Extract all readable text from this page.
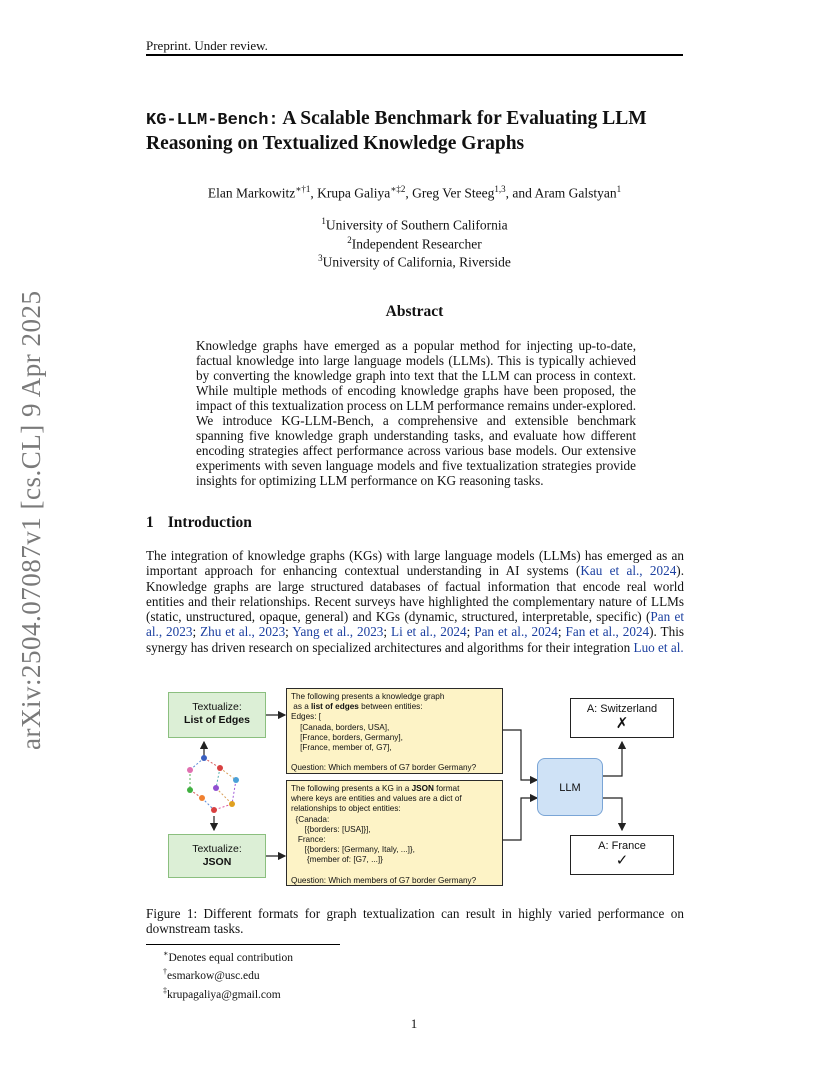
Preprint. Under review.
arXiv:2504.07087v1 [cs.CL] 9 Apr 2025
KG-LLM-Bench: A Scalable Benchmark for Evaluating LLM
Reasoning on Textualized Knowledge Graphs
Elan Markowitz$^{∗\dagger 1}$, Krupa Galiya$^{∗\ddagger 2}$, Greg Ver Steeg$^{1,3}$, and Aram Galstyan$^1$
$^1$University of Southern California
$^2$Independent Researcher
$^3$University of California, Riverside
Abstract
Knowledge graphs have emerged as a popular method for injecting up-to-date, factual knowledge into large language models (LLMs). This is typically achieved by converting the knowledge graph into text that the LLM can process in context. While multiple methods of encoding knowledge graphs have been proposed, the impact of this textualization process on LLM performance remains under-explored. We introduce KG-LLM-Bench, a comprehensive and extensible benchmark spanning five knowledge graph understanding tasks, and evaluate how different encoding strategies affect performance across various base models. Our extensive experiments with seven language models and five textualization strategies provide insights for optimizing LLM performance on KG reasoning tasks.
1 Introduction
The integration of knowledge graphs (KGs) with large language models (LLMs) has emerged as an important approach for enhancing contextual understanding in AI systems (Kau et al., 2024). Knowledge graphs are large structured databases of factual information that encode real world entities and their relationships. Recent surveys have highlighted the complementary nature of LLMs (static, unstructured, opaque, general) and KGs (dynamic, structured, interpretable, specific) (Pan et al., 2023; Zhu et al., 2023; Yang et al., 2023; Li et al., 2024; Pan et al., 2024; Fan et al., 2024). This synergy has driven research on specialized architectures and algorithms for their integration Luo et al.
Textualize:
List of Edges
Textualize:
JSON
The following presents a knowledge graph
as a list of edges between entities:
Edges: [
[Canada, borders, USA],
[France, borders, Germany],
[France, member of, G7],

Question: Which members of G7 border Germany?
The following presents a KG in a JSON format
where keys are entities and values are a dict of
relationships to object entities:
{Canada:
[{borders: [USA]}],
France:
[{borders: [Germany, Italy, ...]},
{member of: [G7, ...]}

Question: Which members of G7 border Germany?
LLM
A: Switzerland
✗
A: France
✓
Figure 1: Different formats for graph textualization can result in highly varied performance on downstream tasks.
∗Denotes equal contribution
†esmarkow@usc.edu
‡krupagaliya@gmail.com
1
